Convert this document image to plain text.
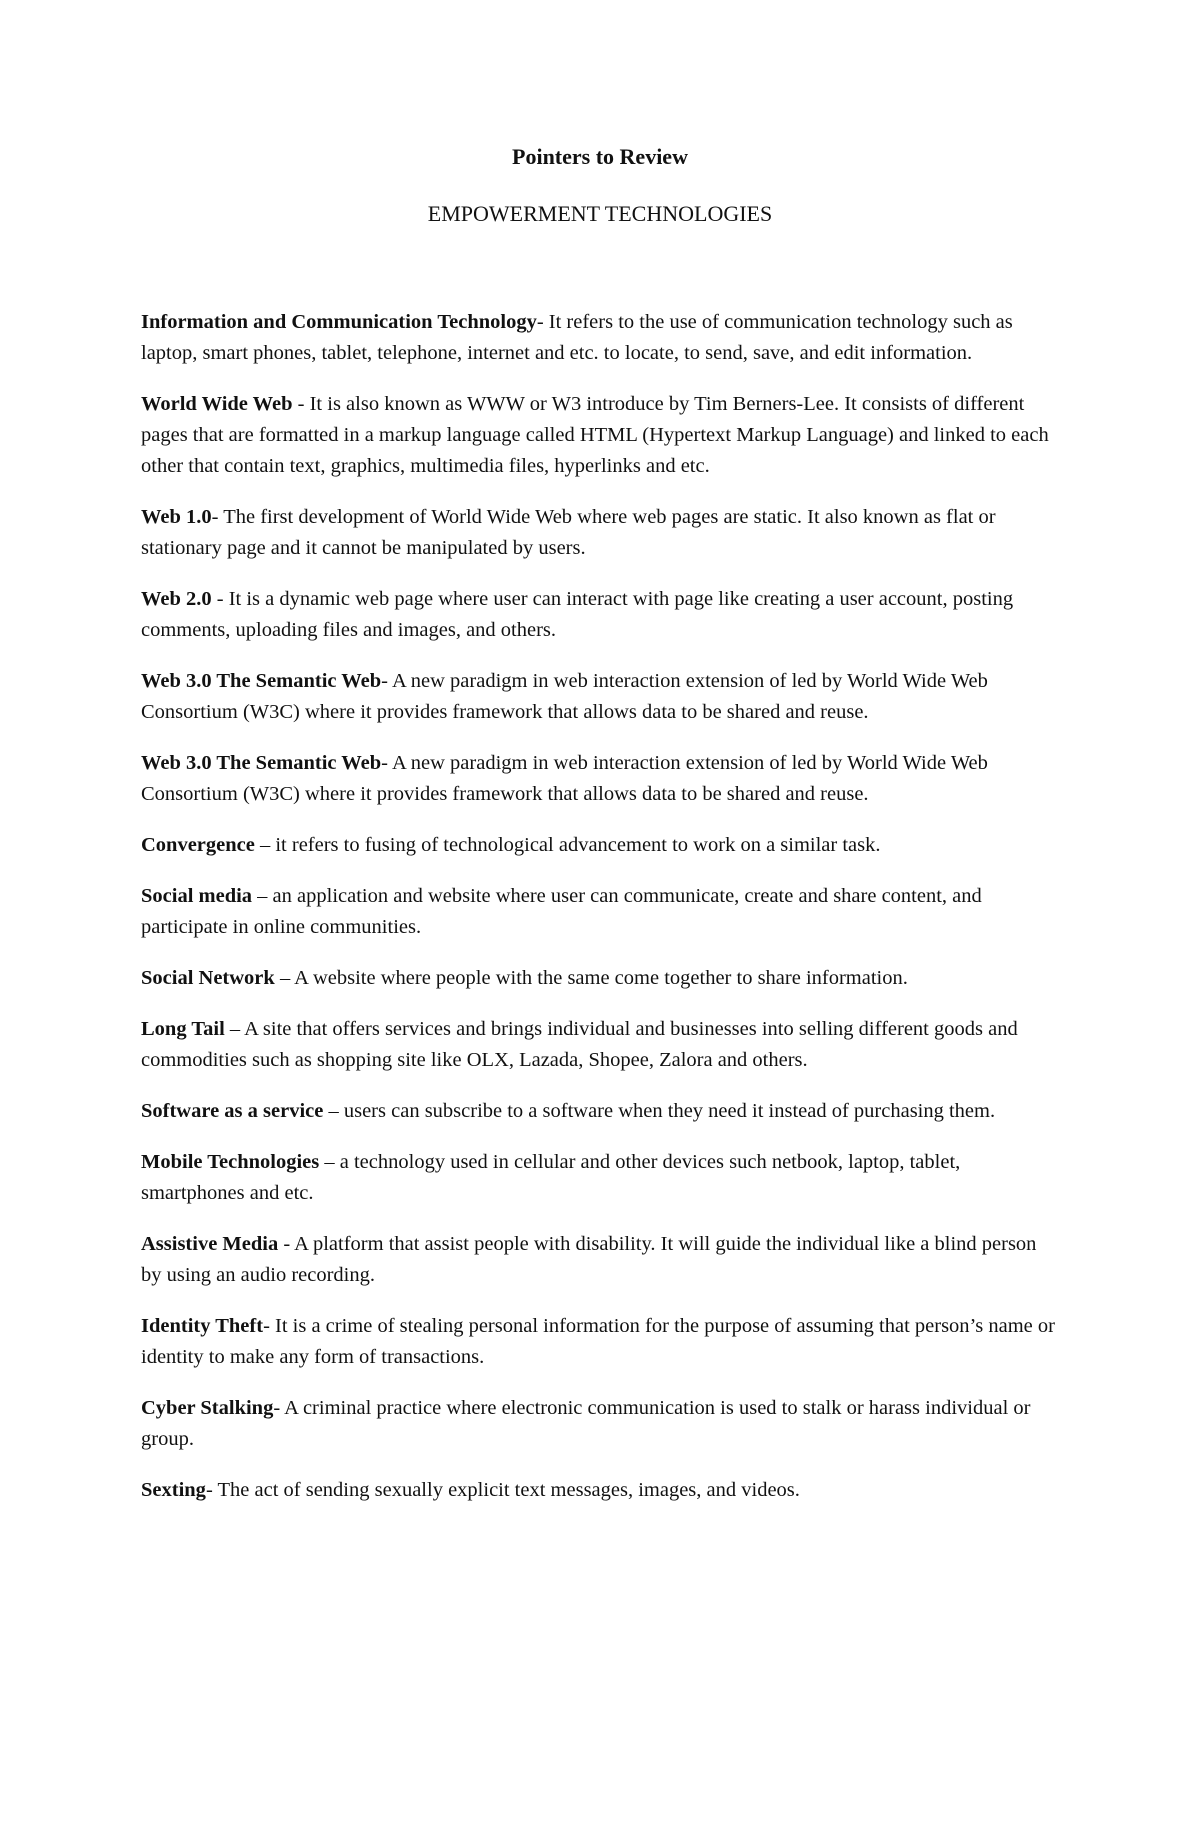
Pointers to Review
EMPOWERMENT TECHNOLOGIES

Information and Communication Technology- It refers to the use of communication technology such as laptop, smart phones, tablet, telephone, internet and etc. to locate, to send, save, and edit information.

World Wide Web - It is also known as WWW or W3 introduce by Tim Berners-Lee. It consists of different pages that are formatted in a markup language called HTML (Hypertext Markup Language) and linked to each other that contain text, graphics, multimedia files, hyperlinks and etc.

Web 1.0- The first development of World Wide Web where web pages are static. It also known as flat or stationary page and it cannot be manipulated by users.

Web 2.0 - It is a dynamic web page where user can interact with page like creating a user account, posting comments, uploading files and images, and others.

Web 3.0 The Semantic Web- A new paradigm in web interaction extension of led by World Wide Web Consortium (W3C) where it provides framework that allows data to be shared and reuse.

Web 3.0 The Semantic Web- A new paradigm in web interaction extension of led by World Wide Web Consortium (W3C) where it provides framework that allows data to be shared and reuse.

Convergence – it refers to fusing of technological advancement to work on a similar task.

Social media – an application and website where user can communicate, create and share content, and participate in online communities.

Social Network – A website where people with the same come together to share information.

Long Tail – A site that offers services and brings individual and businesses into selling different goods and commodities such as shopping site like OLX, Lazada, Shopee, Zalora and others.

Software as a service – users can subscribe to a software when they need it instead of purchasing them.

Mobile Technologies – a technology used in cellular and other devices such netbook, laptop, tablet, smartphones and etc.

Assistive Media - A platform that assist people with disability. It will guide the individual like a blind person by using an audio recording.

Identity Theft- It is a crime of stealing personal information for the purpose of assuming that person’s name or identity to make any form of transactions.

Cyber Stalking- A criminal practice where electronic communication is used to stalk or harass individual or group.

Sexting- The act of sending sexually explicit text messages, images, and videos.
